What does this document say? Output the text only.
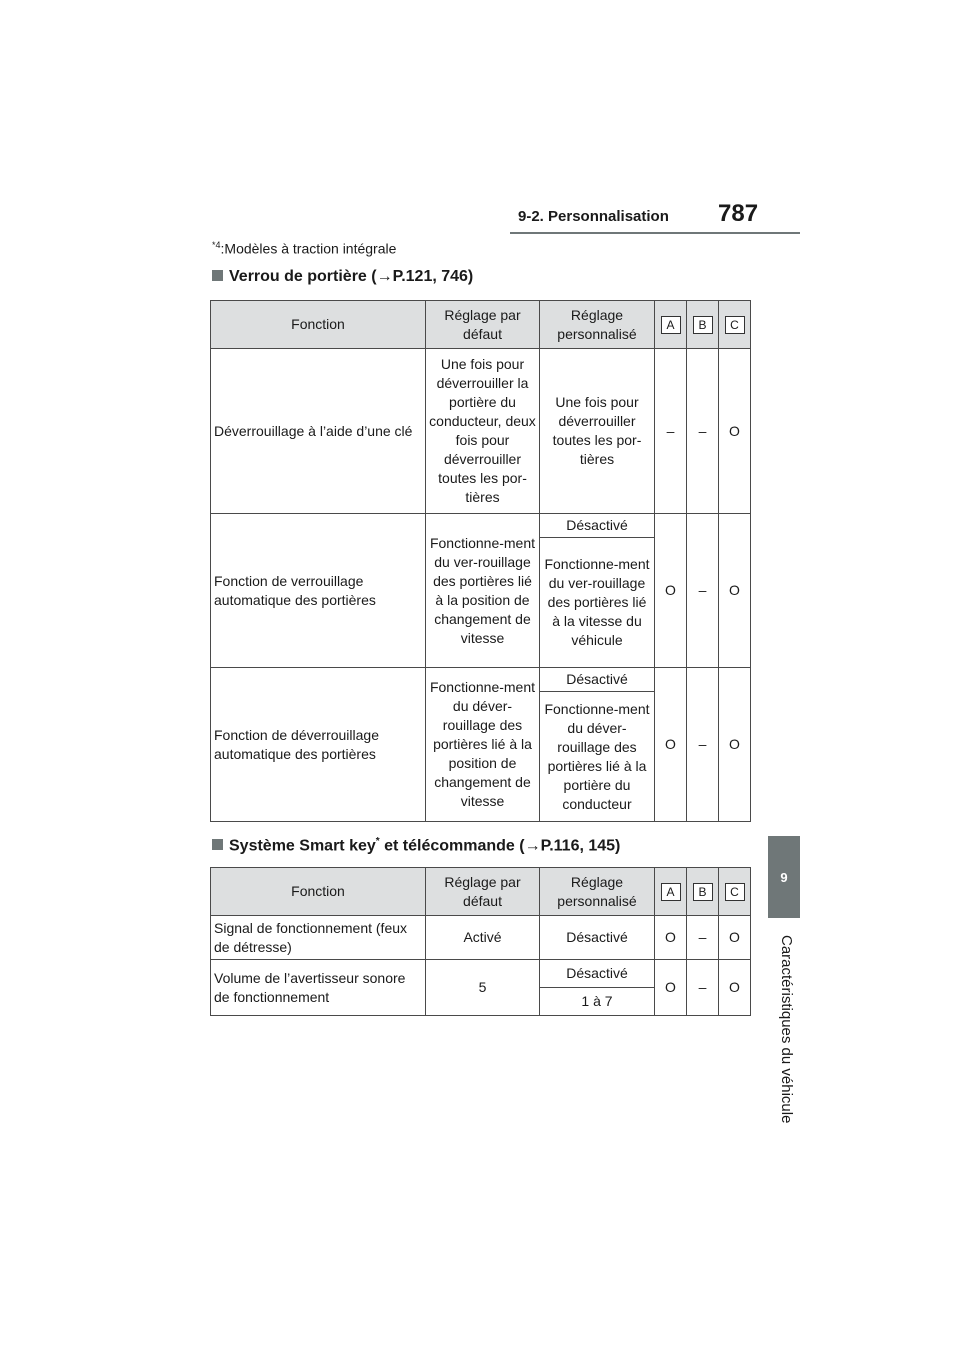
9-2. Personnalisation 787
9
Caractéristiques du véhicule
$^{*4}$:Modèles à traction intégrale
Verrou de portière (→P.121, 746)
Fonction	Réglage par défaut	Réglage personnalisé	A	B	C
Déverrouillage à l’aide d’une clé	Une fois pour déverrouiller la portière du conducteur, deux fois pour déverrouiller toutes les por-tières	Une fois pour déverrouiller toutes les por-tières	–	–	O
Fonction de verrouillage automatique des portières	Fonctionne-ment du ver-rouillage des portières lié à la position de changement de vitesse	Désactivé	O	–	O
		Fonctionne-ment du ver-rouillage des portières lié à la vitesse du véhicule			
Fonction de déverrouillage automatique des portières	Fonctionne-ment du déver-rouillage des portières lié à la position de changement de vitesse	Désactivé	O	–	O
		Fonctionne-ment du déver-rouillage des portières lié à la portière du conducteur			
Système Smart key* et télécommande (→P.116, 145)
Fonction	Réglage par défaut	Réglage personnalisé	A	B	C
Signal de fonctionnement (feux de détresse)	Activé	Désactivé	O	–	O
Volume de l’avertisseur sonore de fonctionnement	5	Désactivé	O	–	O
		1 à 7			
